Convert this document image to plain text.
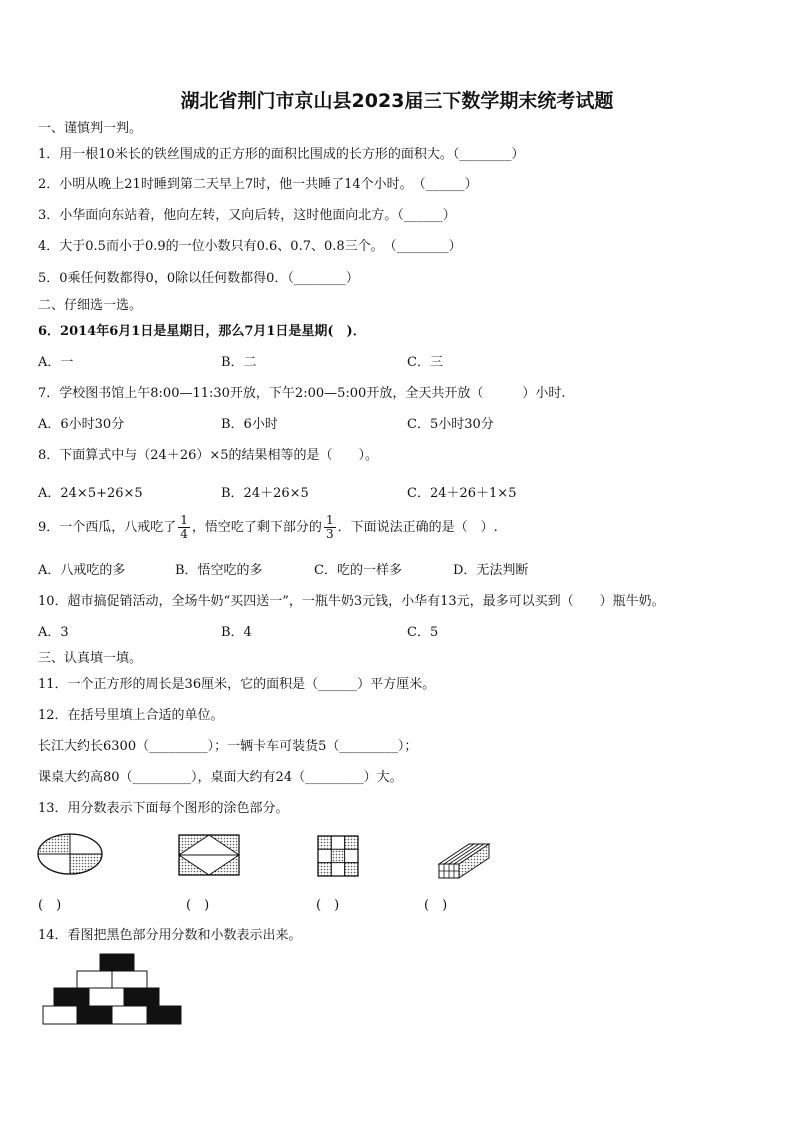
湖北省荆门市京山县2023届三下数学期末统考试题
一、谨慎判一判。
1．用一根10米长的铁丝围成的正方形的面积比围成的长方形的面积大。（________）
2．小明从晚上21时睡到第二天早上7时，他一共睡了14个小时。　（______）
3．小华面向东站着，他向左转，又向后转，这时他面向北方。（______）
4．大于0.5而小于0.9的一位小数只有0.6、0.7、0.8三个。　（________）
5．0乘任何数都得0，0除以任何数都得0．（________）
二、仔细选一选。
6．2014年6月1日是星期日，那么7月1日是星期(　)．
A．一	B．二	C．三
7．学校图书馆上午8:00—11:30开放，下午2:00—5:00开放，全天共开放（　　　）小时.
A．6小时30分	B．6小时	C．5小时30分
8．下面算式中与（24＋26）×5的结果相等的是（　　）。
A．24×5+26×5	B．24＋26×5	C．24＋26＋1×5
9．一个西瓜，八戒吃了 $\frac{1}{4}$ ，悟空吃了剩下部分的 $\frac{1}{3}$ ．下面说法正确的是（　）.
A．八戒吃的多	B．悟空吃的多	C．吃的一样多	D．无法判断
10．超市搞促销活动，全场牛奶“买四送一”，一瓶牛奶3元钱，小华有13元，最多可以买到（　　）瓶牛奶。
A．3	B．4	C．5
三、认真填一填。
11．一个正方形的周长是36厘米，它的面积是（______）平方厘米。
12．在括号里填上合适的单位。
长江大约长6300（_________）；一辆卡车可装货5（_________）；
课桌大约高80（_________），桌面大约有24（_________）大。
13．用分数表示下面每个图形的涂色部分。
(　)	(　)	(　)	(　)
14．看图把黑色部分用分数和小数表示出来。
